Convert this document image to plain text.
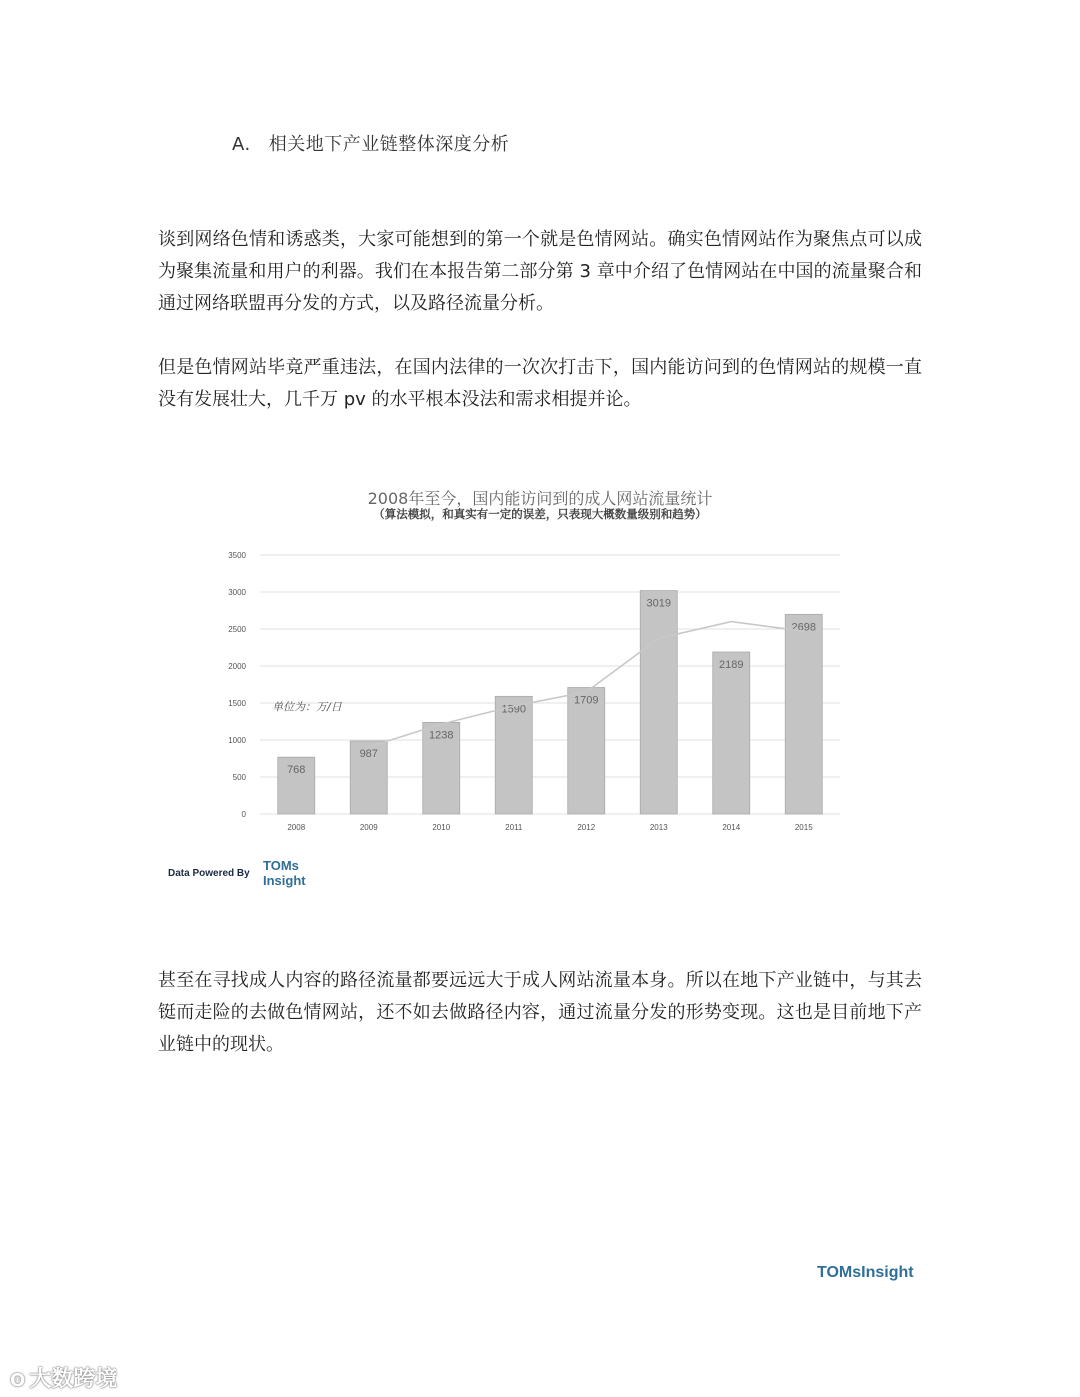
A. 相关地下产业链整体深度分析

谈到网络色情和诱惑类，大家可能想到的第一个就是色情网站。确实色情网站作为聚焦点可以成为聚集流量和用户的利器。我们在本报告第二部分第 3 章中介绍了色情网站在中国的流量聚合和通过网络联盟再分发的方式，以及路径流量分析。

但是色情网站毕竟严重违法，在国内法律的一次次打击下，国内能访问到的色情网站的规模一直没有发展壮大，几千万 pv 的水平根本没法和需求相提并论。

2008年至今，国内能访问到的成人网站流量统计
（算法模拟，和真实有一定的误差，只表现大概数量级别和趋势）
0
500
1000
1500
2000
2500
3000
3500
768
2008
987
2009
1238
2010
1590
2011
1709
2012
3019
2013
2189
2014
2698
2015
单位为：万/日
Data Powered By
TOMs
Insight

甚至在寻找成人内容的路径流量都要远远大于成人网站流量本身。所以在地下产业链中，与其去铤而走险的去做色情网站，还不如去做路径内容，通过流量分发的形势变现。这也是目前地下产业链中的现状。

TOMsInsight
ʘ 大数跨境
